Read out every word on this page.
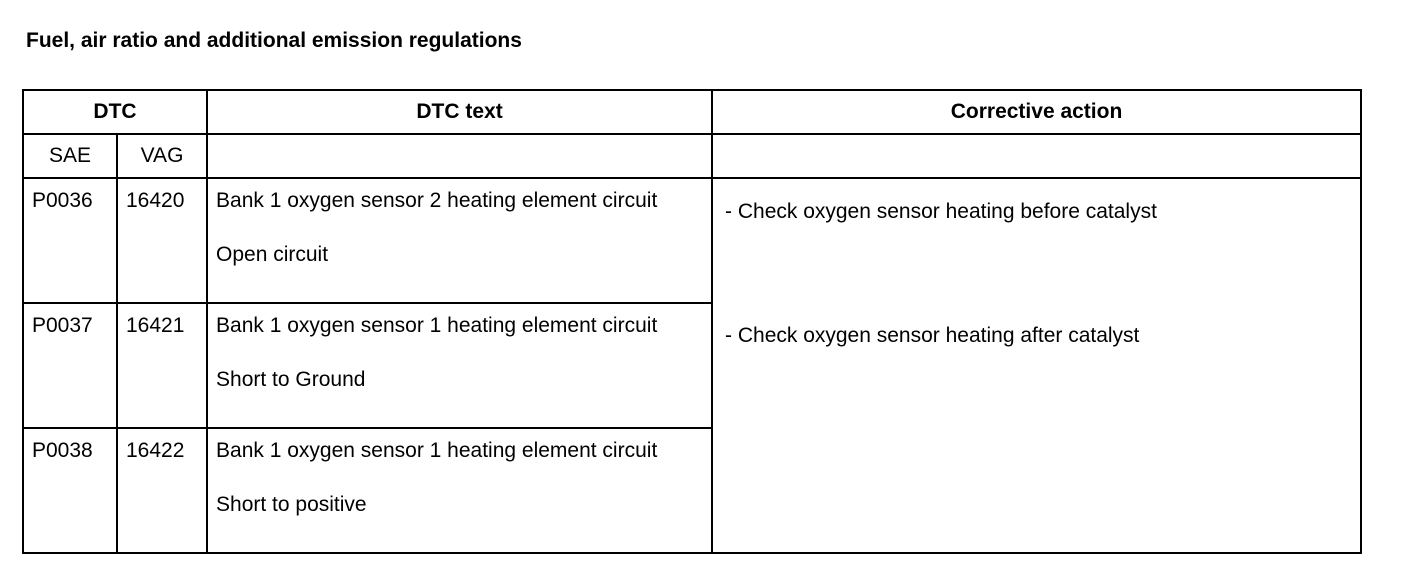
Fuel, air ratio and additional emission regulations
DTC		DTC text	Corrective action
SAE	VAG		
P0036	16420	Bank 1 oxygen sensor 2 heating element circuit
Open circuit	- Check oxygen sensor heating before catalyst
- Check oxygen sensor heating after catalyst

P0037	16421	Bank 1 oxygen sensor 1 heating element circuit
Short to Ground	

P0038	16422	Bank 1 oxygen sensor 1 heating element circuit
Short to positive	
